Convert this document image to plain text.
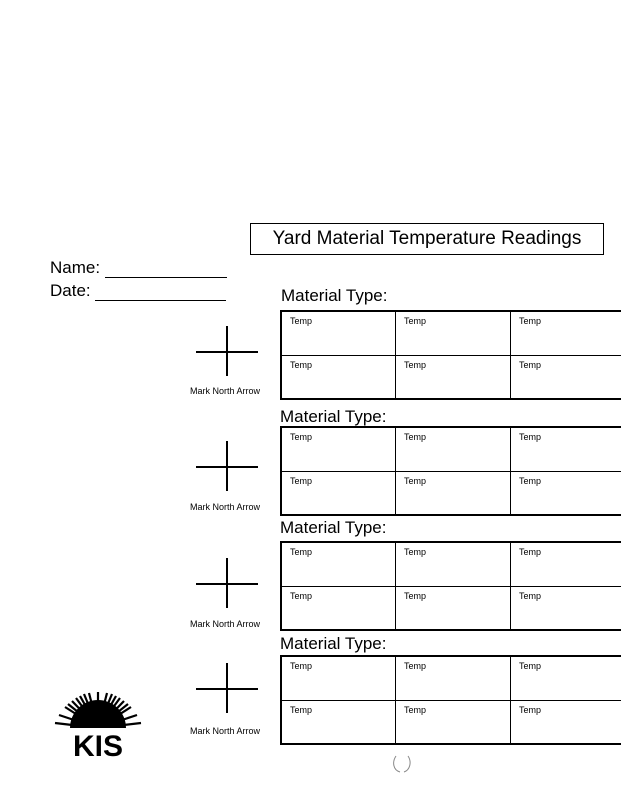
Yard Material Temperature Readings
Name:
Date:	Material Type:
Temp	Temp	Temp
Temp	Temp	Temp
Mark North Arrow
Material Type:
Temp	Temp	Temp
Temp	Temp	Temp
Mark North Arrow
Material Type:
Temp	Temp	Temp
Temp	Temp	Temp
Mark North Arrow
Material Type:
Temp	Temp	Temp
Temp	Temp	Temp
Mark North Arrow
KIS
